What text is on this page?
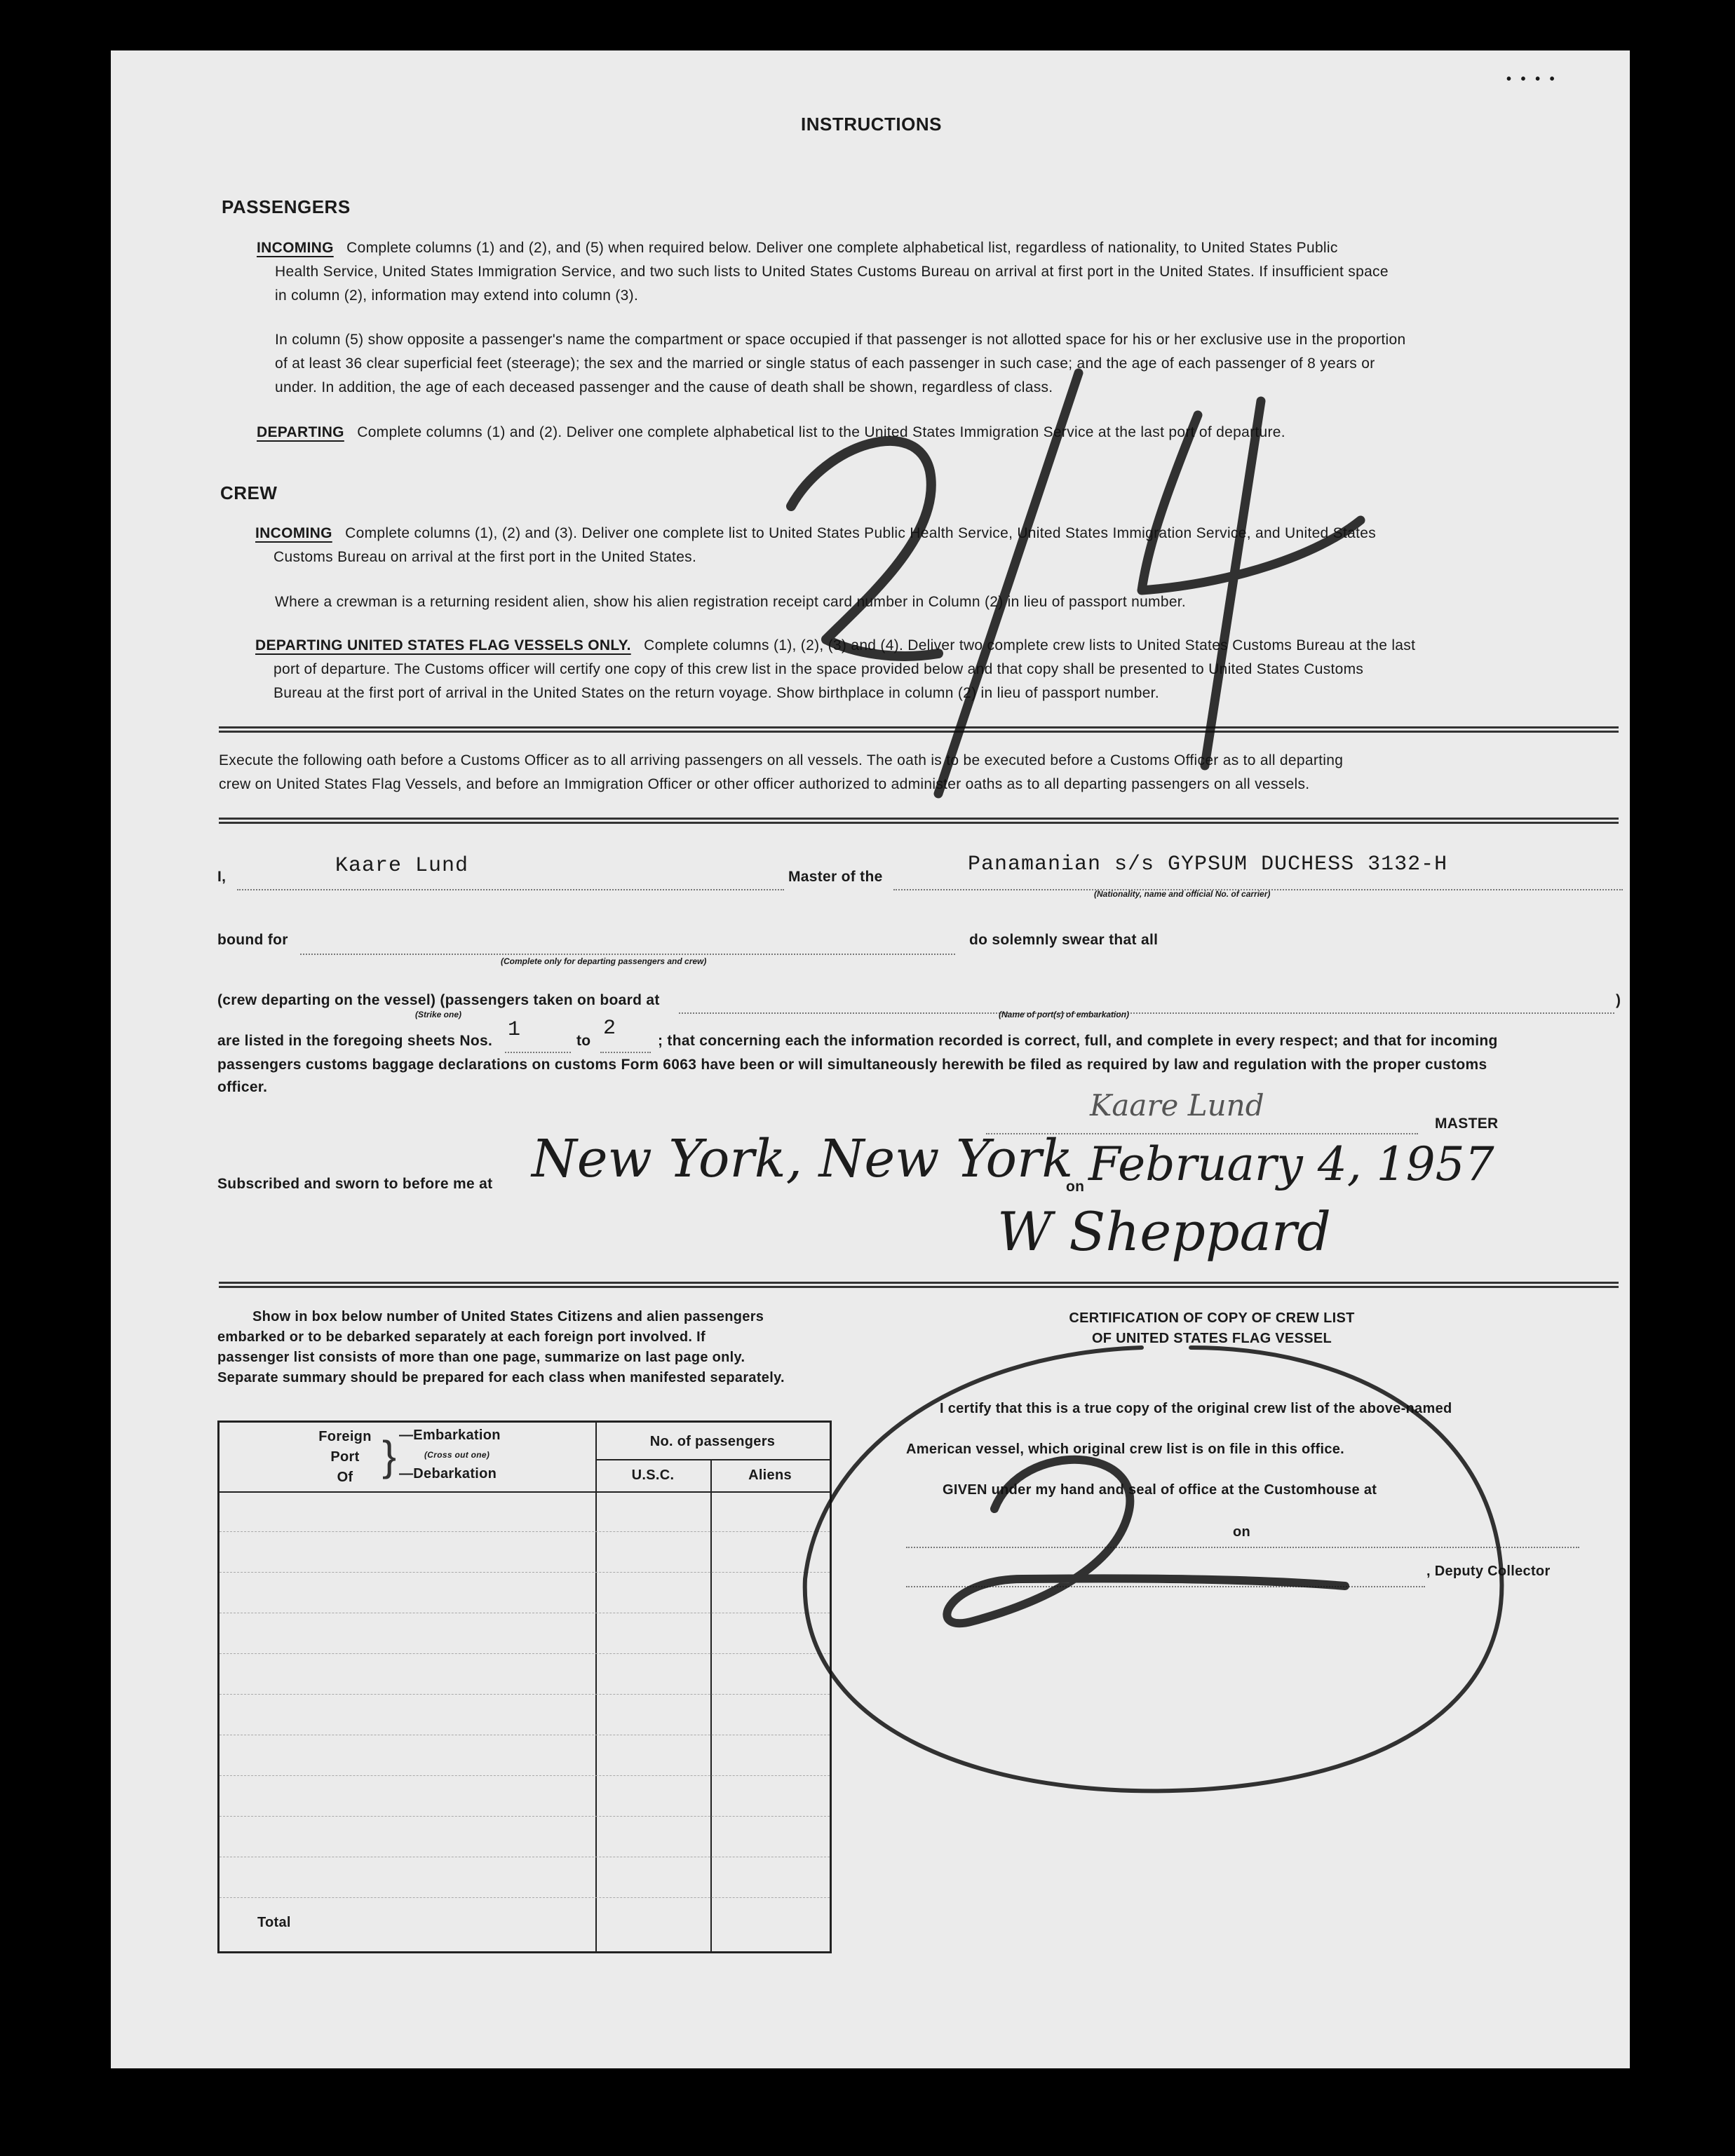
• • • •
INSTRUCTIONS
PASSENGERS
INCOMING Complete columns (1) and (2), and (5) when required below. Deliver one complete alphabetical list, regardless of nationality, to United States Public
Health Service, United States Immigration Service, and two such lists to United States Customs Bureau on arrival at first port in the United States. If insufficient space
in column (2), information may extend into column (3).
In column (5) show opposite a passenger's name the compartment or space occupied if that passenger is not allotted space for his or her exclusive use in the proportion
of at least 36 clear superficial feet (steerage); the sex and the married or single status of each passenger in such case; and the age of each passenger of 8 years or
under. In addition, the age of each deceased passenger and the cause of death shall be shown, regardless of class.
DEPARTING Complete columns (1) and (2). Deliver one complete alphabetical list to the United States Immigration Service at the last port of departure.
CREW
INCOMING Complete columns (1), (2) and (3). Deliver one complete list to United States Public Health Service, United States Immigration Service, and United States
Customs Bureau on arrival at the first port in the United States.
Where a crewman is a returning resident alien, show his alien registration receipt card number in Column (2) in lieu of passport number.
DEPARTING UNITED STATES FLAG VESSELS ONLY. Complete columns (1), (2), (3) and (4). Deliver two complete crew lists to United States Customs Bureau at the last
port of departure. The Customs officer will certify one copy of this crew list in the space provided below and that copy shall be presented to United States Customs
Bureau at the first port of arrival in the United States on the return voyage. Show birthplace in column (2) in lieu of passport number.
Execute the following oath before a Customs Officer as to all arriving passengers on all vessels. The oath is to be executed before a Customs Officer as to all departing
crew on United States Flag Vessels, and before an Immigration Officer or other officer authorized to administer oaths as to all departing passengers on all vessels.
I,	Kaare Lund	Master of the
Panamanian s/s GYPSUM DUCHESS 3132-H
(Nationality, name and official No. of carrier)
bound for
(Complete only for departing passengers and crew)
do solemnly swear that all
(crew departing on the vessel) (passengers taken on board at	)
(Strike one)	(Name of port(s) of embarkation)
are listed in the foregoing sheets Nos. 1	to
2
; that concerning each the information recorded is correct, full, and complete in every respect; and that for incoming
passengers customs baggage declarations on customs Form 6063 have been or will simultaneously herewith be filed as required by law and regulation with the proper customs
officer.
Kaare Lund
MASTER
Subscribed and sworn to before me at New York, New York
on February 4, 1957
W Sheppard
Show in box below number of United States Citizens and alien passengers
embarked or to be debarked separately at each foreign port involved. If
passenger list consists of more than one page, summarize on last page only.
Separate summary should be prepared for each class when manifested separately.
Foreign
Port
Of } —Embarkation
(Cross out one)
—Debarkation
No. of passengers
U.S.C.	Aliens
Total
CERTIFICATION OF COPY OF CREW LIST
OF UNITED STATES FLAG VESSEL
I certify that this is a true copy of the original crew list of the above-named
American vessel, which original crew list is on file in this office.
GIVEN under my hand and seal of office at the Customhouse at
on
, Deputy Collector
